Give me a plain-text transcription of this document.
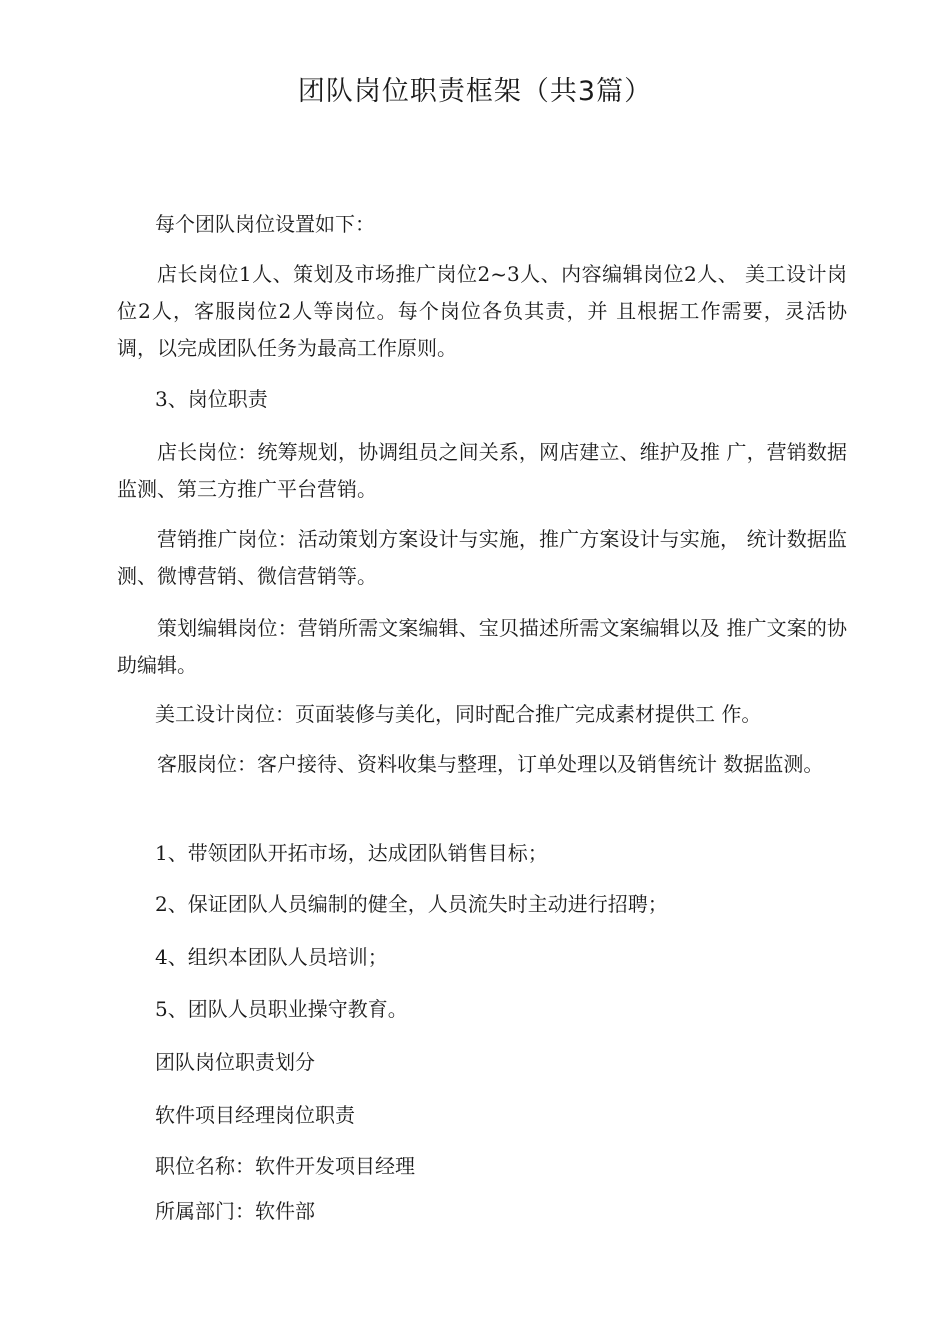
团队岗位职责框架（共3篇）

每个团队岗位设置如下：

店长岗位1人、策划及市场推广岗位2~3人、内容编辑岗位2人、 美工设计岗位2人，客服岗位2人等岗位。每个岗位各负其责，并 且根据工作需要，灵活协调，以完成团队任务为最高工作原则。

3、岗位职责

店长岗位：统筹规划，协调组员之间关系，网店建立、维护及推 广，营销数据监测、第三方推广平台营销。

营销推广岗位：活动策划方案设计与实施，推广方案设计与实施， 统计数据监测、微博营销、微信营销等。

策划编辑岗位：营销所需文案编辑、宝贝描述所需文案编辑以及 推广文案的协助编辑。

美工设计岗位：页面装修与美化，同时配合推广完成素材提供工 作。

客服岗位：客户接待、资料收集与整理，订单处理以及销售统计 数据监测。

1、带领团队开拓市场，达成团队销售目标；

2、保证团队人员编制的健全，人员流失时主动进行招聘；

4、组织本团队人员培训；

5、团队人员职业操守教育。

团队岗位职责划分

软件项目经理岗位职责

职位名称：软件开发项目经理

所属部门：软件部
